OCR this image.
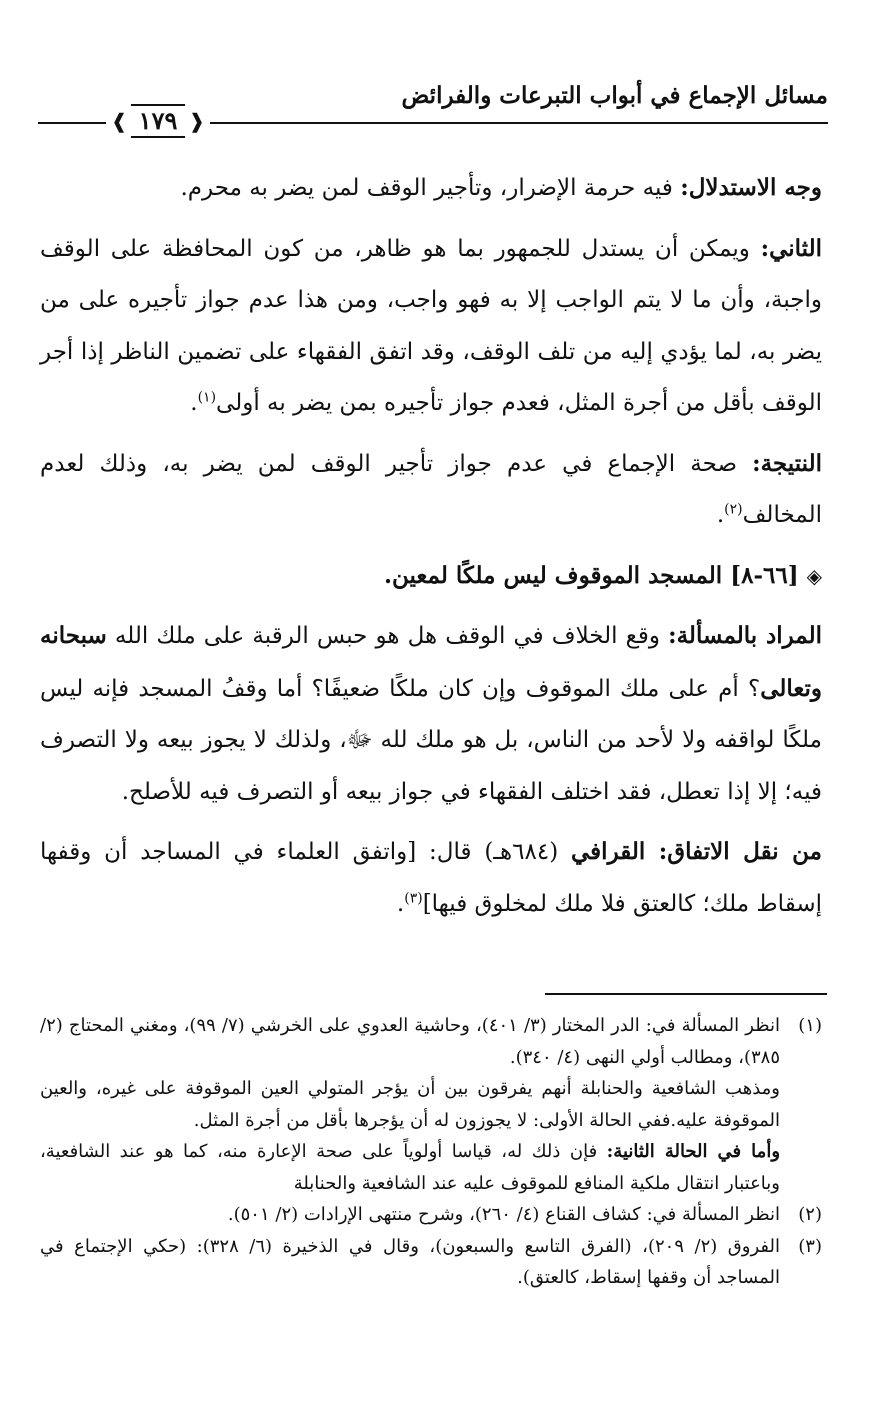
مسائل الإجماع في أبواب التبرعات والفرائض
❰
١٧٩
❱

وجه الاستدلال: فيه حرمة الإضرار، وتأجير الوقف لمن يضر به محرم.

الثاني: ويمكن أن يستدل للجمهور بما هو ظاهر، من كون المحافظة على الوقف واجبة، وأن ما لا يتم الواجب إلا به فهو واجب، ومن هذا عدم جواز تأجيره على من يضر به، لما يؤدي إليه من تلف الوقف، وقد اتفق الفقهاء على تضمين الناظر إذا أجر الوقف بأقل من أجرة المثل، فعدم جواز تأجيره بمن يضر به أولى$^{(١)}$.

النتيجة: صحة الإجماع في عدم جواز تأجير الوقف لمن يضر به، وذلك لعدم المخالف$^{(٢)}$.

◈[٦٦-٨] المسجد الموقوف ليس ملكًا لمعين.

المراد بالمسألة: وقع الخلاف في الوقف هل هو حبس الرقبة على ملك الله سبحانه وتعالى؟ أم على ملك الموقوف وإن كان ملكًا ضعيفًا؟ أما وقفُ المسجد فإنه ليس ملكًا لواقفه ولا لأحد من الناس، بل هو ملك لله ﷻ، ولذلك لا يجوز بيعه ولا التصرف فيه؛ إلا إذا تعطل، فقد اختلف الفقهاء في جواز بيعه أو التصرف فيه للأصلح.

من نقل الاتفاق: القرافي (٦٨٤هـ) قال: [واتفق العلماء في المساجد أن وقفها إسقاط ملك؛ كالعتق فلا ملك لمخلوق فيها]$^{(٣)}$.

(١)

انظر المسألة في: الدر المختار (٣/ ٤٠١)، وحاشية العدوي على الخرشي (٧/ ٩٩)، ومغني المحتاج (٢/ ٣٨٥)، ومطالب أولي النهى (٤/ ٣٤٠).

ومذهب الشافعية والحنابلة أنهم يفرقون بين أن يؤجر المتولي العين الموقوفة على غيره، والعين الموقوفة عليه.ففي الحالة الأولى: لا يجوزون له أن يؤجرها بأقل من أجرة المثل.

وأما في الحالة الثانية: فإن ذلك له، قياسا أولوياً على صحة الإعارة منه، كما هو عند الشافعية، وباعتبار انتقال ملكية المنافع للموقوف عليه عند الشافعية والحنابلة

(٢)

انظر المسألة في: كشاف القناع (٤/ ٢٦٠)، وشرح منتهى الإرادات (٢/ ٥٠١).

(٣)

الفروق (٢/ ٢٠٩)، (الفرق التاسع والسبعون)، وقال في الذخيرة (٦/ ٣٢٨): (حكي الإجتماع في المساجد أن وقفها إسقاط، كالعتق).
